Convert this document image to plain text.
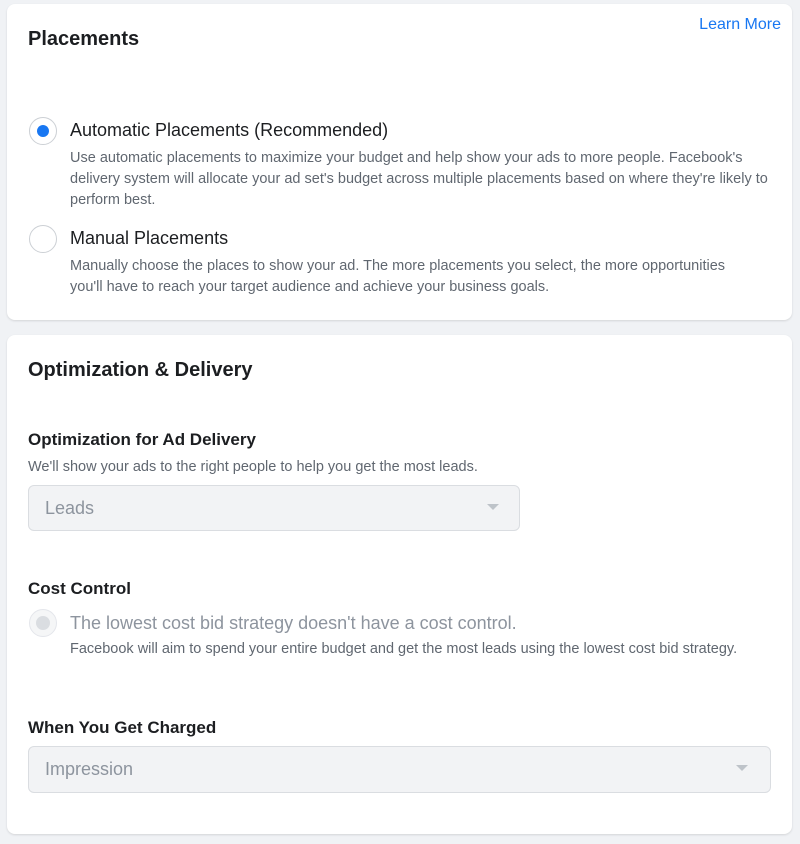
Placements
Learn More
Automatic Placements (Recommended)
Use automatic placements to maximize your budget and help show your ads to more people. Facebook's delivery system will allocate your ad set's budget across multiple placements based on where they're likely to perform best.
Manual Placements
Manually choose the places to show your ad. The more placements you select, the more opportunities you'll have to reach your target audience and achieve your business goals.
Optimization & Delivery
Optimization for Ad Delivery
We'll show your ads to the right people to help you get the most leads.
Leads
Cost Control
The lowest cost bid strategy doesn't have a cost control.
Facebook will aim to spend your entire budget and get the most leads using the lowest cost bid strategy.
When You Get Charged
Impression
